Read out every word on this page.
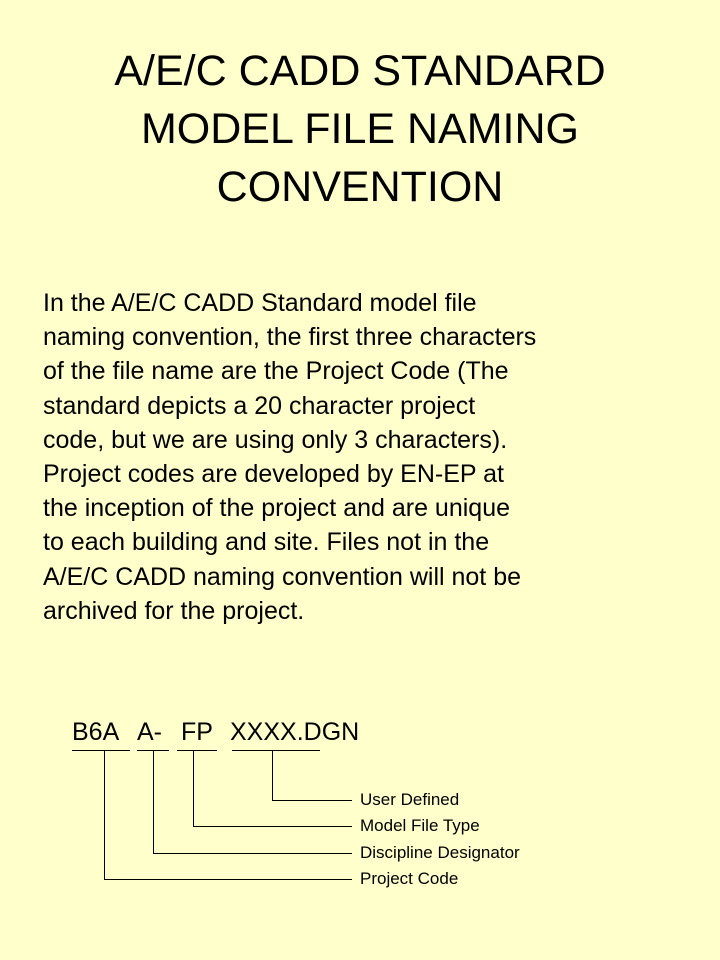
A/E/C CADD STANDARD
MODEL FILE NAMING
CONVENTION
In the A/E/C CADD Standard model file
naming convention, the first three characters
of the file name are the Project Code (The
standard depicts a 20 character project
code, but we are using only 3 characters).
Project codes are developed by EN-EP at
the inception of the project and are unique
to each building and site. Files not in the
A/E/C CADD naming convention will not be
archived for the project.
B6A A- FP XXXX.DGN
User Defined
Model File Type
Discipline Designator
Project Code
